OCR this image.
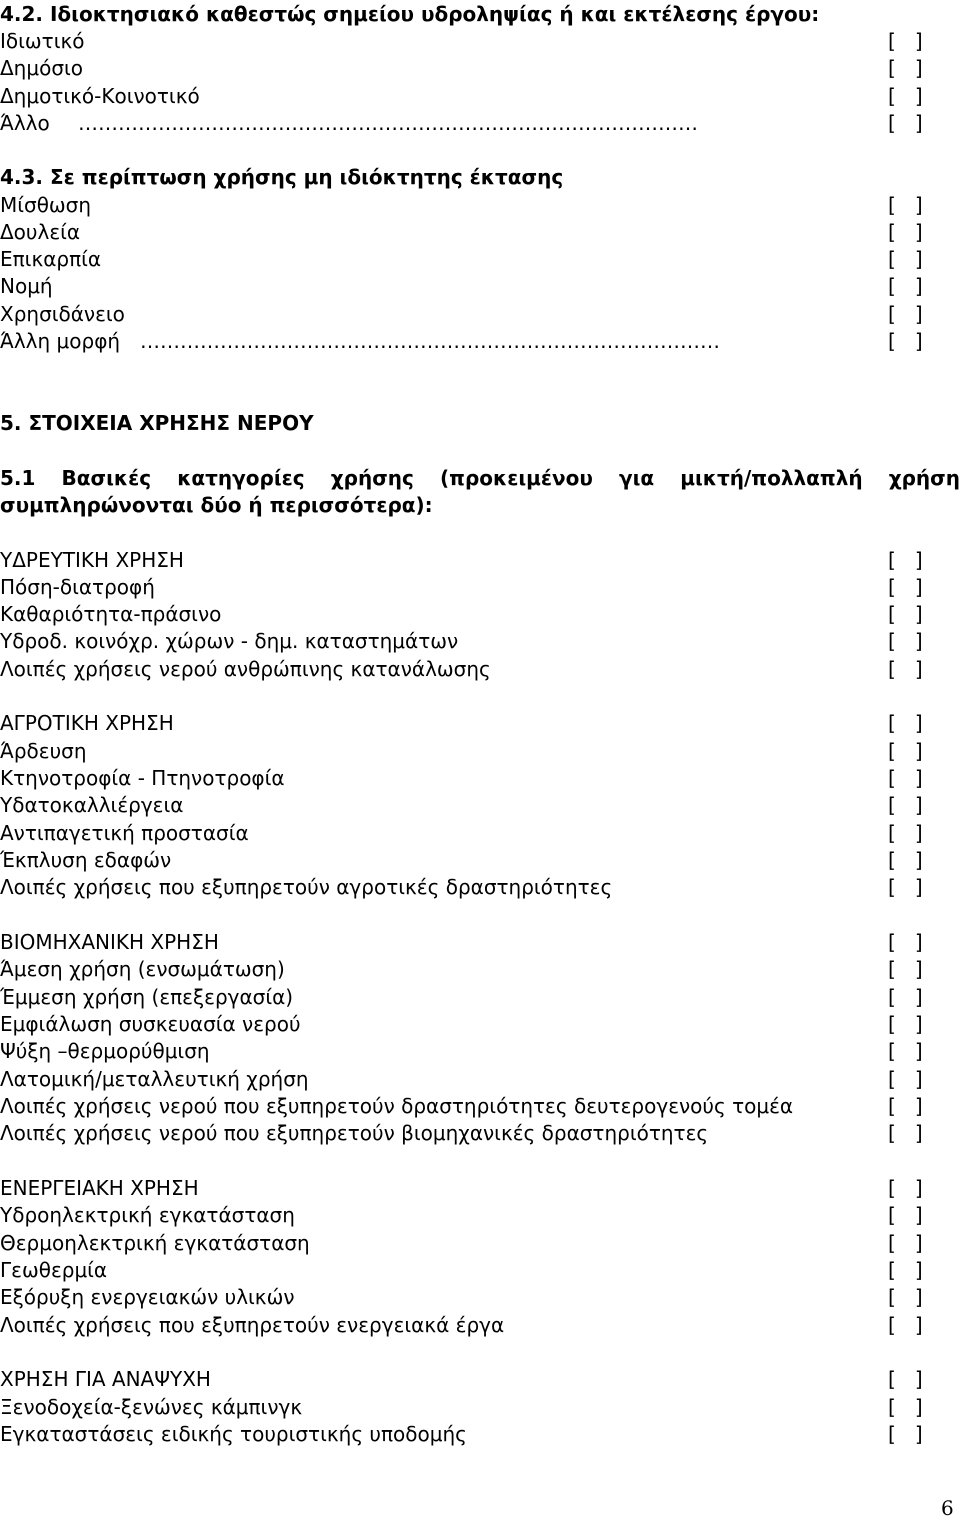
4.2. Ιδιοκτησιακό καθεστώς σημείου υδροληψίας ή και εκτέλεσης έργου:
Ιδιωτικό	[   ]
Δημόσιο	[   ]
Δημοτικό-Κοινοτικό	[   ]
Άλλο …………………………………………………………………………………	[   ]
4.3. Σε περίπτωση χρήσης μη ιδιόκτητης έκτασης
Μίσθωση	[   ]
Δουλεία	[   ]
Επικαρπία	[   ]
Νομή	[   ]
Χρησιδάνειο	[   ]
Άλλη μορφή ……………………………………………………………………………	[   ]
5. ΣΤΟΙΧΕΙΑ ΧΡΗΣΗΣ ΝΕΡΟΥ
5.1 Βασικές κατηγορίες χρήσης (προκειμένου για μικτή/πολλαπλή χρήση
συμπληρώνονται δύο ή περισσότερα):
ΥΔΡΕΥΤΙΚΗ ΧΡΗΣΗ	[   ]
Πόση-διατροφή	[   ]
Καθαριότητα-πράσινο	[   ]
Υδροδ. κοινόχρ. χώρων - δημ. καταστημάτων	[   ]
Λοιπές χρήσεις νερού ανθρώπινης κατανάλωσης	[   ]
ΑΓΡΟΤΙΚΗ ΧΡΗΣΗ	[   ]
Άρδευση	[   ]
Κτηνοτροφία - Πτηνοτροφία	[   ]
Υδατοκαλλιέργεια	[   ]
Αντιπαγετική προστασία	[   ]
Έκπλυση εδαφών	[   ]
Λοιπές χρήσεις που εξυπηρετούν αγροτικές δραστηριότητες	[   ]
ΒΙΟΜΗΧΑΝΙΚΗ ΧΡΗΣΗ	[   ]
Άμεση χρήση (ενσωμάτωση)	[   ]
Έμμεση χρήση (επεξεργασία)	[   ]
Εμφιάλωση συσκευασία νερού	[   ]
Ψύξη –θερμορύθμιση	[   ]
Λατομική/μεταλλευτική χρήση	[   ]
Λοιπές χρήσεις νερού που εξυπηρετούν δραστηριότητες δευτερογενούς τομέα	[   ]
Λοιπές χρήσεις νερού που εξυπηρετούν βιομηχανικές δραστηριότητες	[   ]
ΕΝΕΡΓΕΙΑΚΗ ΧΡΗΣΗ	[   ]
Υδροηλεκτρική εγκατάσταση	[   ]
Θερμοηλεκτρική εγκατάσταση	[   ]
Γεωθερμία	[   ]
Εξόρυξη ενεργειακών υλικών	[   ]
Λοιπές χρήσεις που εξυπηρετούν ενεργειακά έργα	[   ]
ΧΡΗΣΗ ΓΙΑ ΑΝΑΨΥΧΗ	[   ]
Ξενοδοχεία-ξενώνες κάμπινγκ	[   ]
Εγκαταστάσεις ειδικής τουριστικής υποδομής	[   ]
6
